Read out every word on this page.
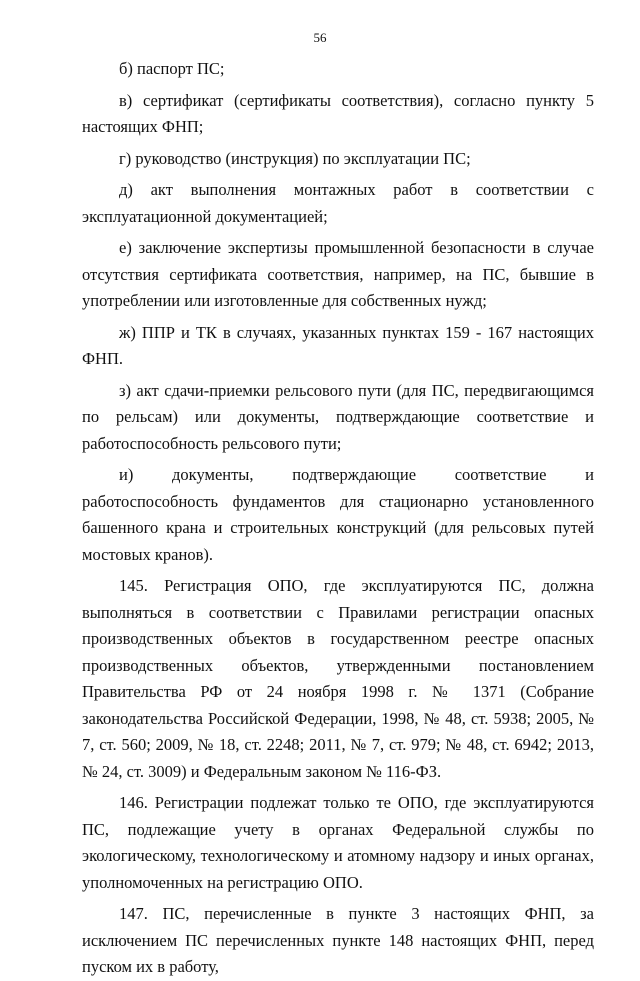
56

б) паспорт ПС;

в) сертификат (сертификаты соответствия), согласно пункту 5 настоящих ФНП;

г) руководство (инструкция) по эксплуатации ПС;

д) акт выполнения монтажных работ в соответствии с эксплуатационной документацией;

е) заключение экспертизы промышленной безопасности в случае отсутствия сертификата соответствия, например, на ПС, бывшие в употреблении или изготовленные для собственных нужд;

ж) ППР и ТК в случаях, указанных пунктах 159 - 167 настоящих ФНП.

з) акт сдачи-приемки рельсового пути (для ПС, передвигающимся по рельсам) или документы, подтверждающие соответствие и работоспособность рельсового пути;

и) документы, подтверждающие соответствие и работоспособность фундаментов для стационарно установленного башенного крана и строительных конструкций (для рельсовых путей мостовых кранов).

145. Регистрация ОПО, где эксплуатируются ПС, должна выполняться в соответствии с Правилами регистрации опасных производственных объектов в государственном реестре опасных производственных объектов, утвержденными постановлением Правительства РФ от 24 ноября 1998 г. № 1371 (Собрание законодательства Российской Федерации, 1998, № 48, ст. 5938; 2005, № 7, ст. 560; 2009, № 18, ст. 2248; 2011, № 7, ст. 979; № 48, ст. 6942; 2013, № 24, ст. 3009) и Федеральным законом № 116-ФЗ.

146. Регистрации подлежат только те ОПО, где эксплуатируются ПС, подлежащие учету в органах Федеральной службы по экологическому, технологическому и атомному надзору и иных органах, уполномоченных на регистрацию ОПО.

147. ПС, перечисленные в пункте 3 настоящих ФНП, за исключением ПС перечисленных пункте 148 настоящих ФНП, перед пуском их в работу,
